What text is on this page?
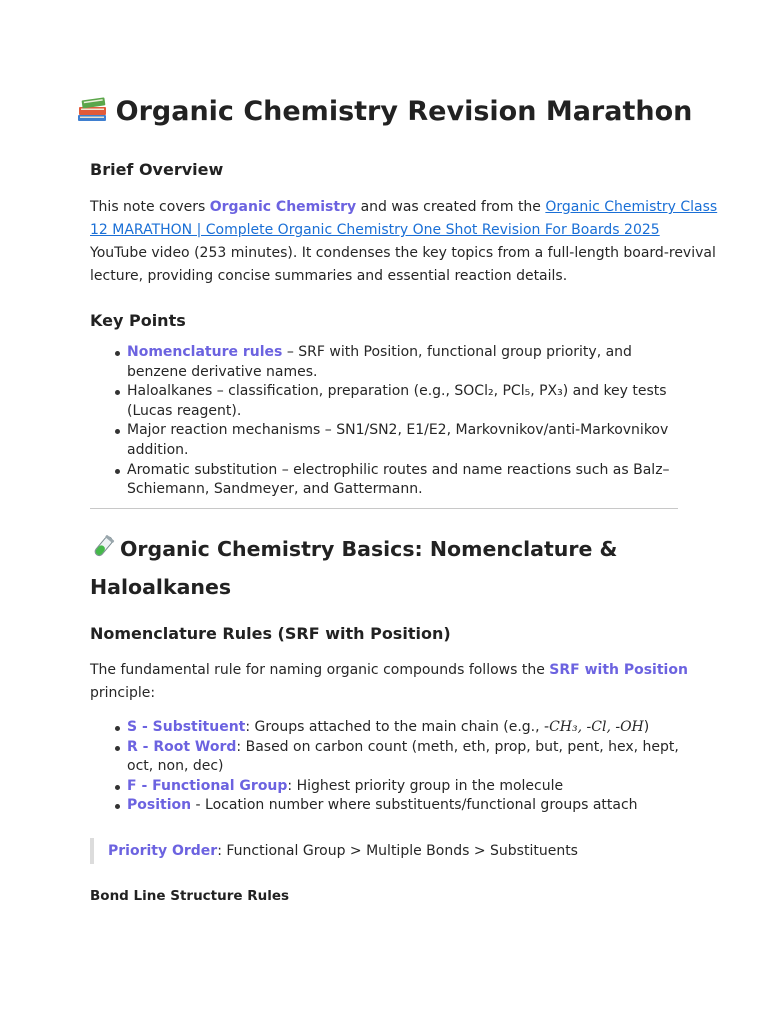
Organic Chemistry Revision Marathon
Brief Overview
This note covers Organic Chemistry and was created from the Organic Chemistry Class
12 MARATHON | Complete Organic Chemistry One Shot Revision For Boards 2025
YouTube video (253 minutes). It condenses the key topics from a full-length board-revival
lecture, providing concise summaries and essential reaction details.
Key Points
Nomenclature rules – SRF with Position, functional group priority, and
benzene derivative names.
Haloalkanes – classification, preparation (e.g., SOCl₂, PCl₅, PX₃) and key tests
(Lucas reagent).
Major reaction mechanisms – SN1/SN2, E1/E2, Markovnikov/anti-Markovnikov
addition.
Aromatic substitution – electrophilic routes and name reactions such as Balz–
Schiemann, Sandmeyer, and Gattermann.
Organic Chemistry Basics: Nomenclature &
Haloalkanes
Nomenclature Rules (SRF with Position)
The fundamental rule for naming organic compounds follows the SRF with Position
principle:
S - Substituent: Groups attached to the main chain (e.g., -CH₃, -Cl, -OH)
R - Root Word: Based on carbon count (meth, eth, prop, but, pent, hex, hept,
oct, non, dec)
F - Functional Group: Highest priority group in the molecule
Position - Location number where substituents/functional groups attach
Priority Order: Functional Group > Multiple Bonds > Substituents
Bond Line Structure Rules
